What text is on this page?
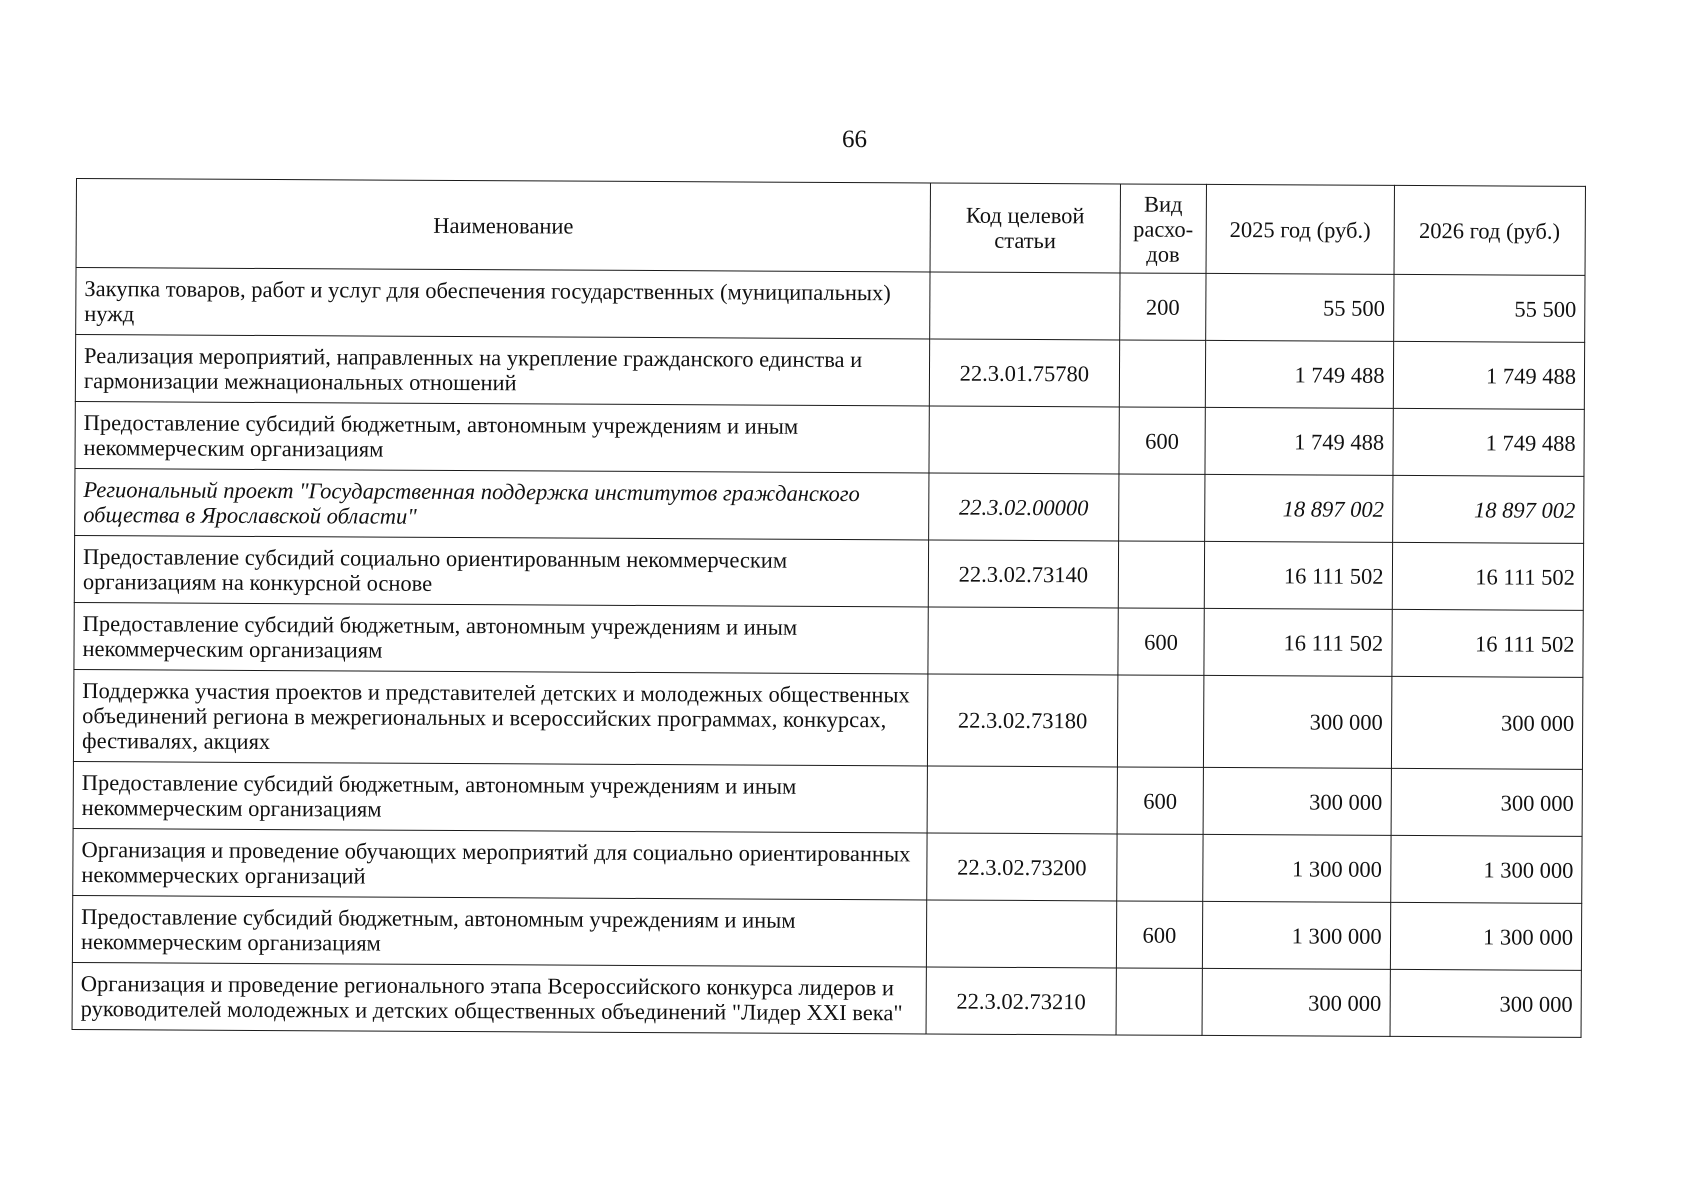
66
Наименование	Код целевой статьи	Вид расхо-дов	2025 год (руб.)	2026 год (руб.)
Закупка товаров, работ и услуг для обеспечения государственных (муниципальных) нужд		200	55 500	55 500
Реализация мероприятий, направленных на укрепление гражданского единства и гармонизации межнациональных отношений	22.3.01.75780		1 749 488	1 749 488
Предоставление субсидий бюджетным, автономным учреждениям и иным некоммерческим организациям		600	1 749 488	1 749 488
Региональный проект "Государственная поддержка институтов гражданского общества в Ярославской области"	22.3.02.00000		18 897 002	18 897 002
Предоставление субсидий социально ориентированным некоммерческим организациям на конкурсной основе	22.3.02.73140		16 111 502	16 111 502
Предоставление субсидий бюджетным, автономным учреждениям и иным некоммерческим организациям		600	16 111 502	16 111 502
Поддержка участия проектов и представителей детских и молодежных общественных объединений региона в межрегиональных и всероссийских программах, конкурсах, фестивалях, акциях	22.3.02.73180		300 000	300 000
Предоставление субсидий бюджетным, автономным учреждениям и иным некоммерческим организациям		600	300 000	300 000
Организация и проведение обучающих мероприятий для социально ориентированных некоммерческих организаций	22.3.02.73200		1 300 000	1 300 000
Предоставление субсидий бюджетным, автономным учреждениям и иным некоммерческим организациям		600	1 300 000	1 300 000
Организация и проведение регионального этапа Всероссийского конкурса лидеров и руководителей молодежных и детских общественных объединений "Лидер XXI века"	22.3.02.73210		300 000	300 000
